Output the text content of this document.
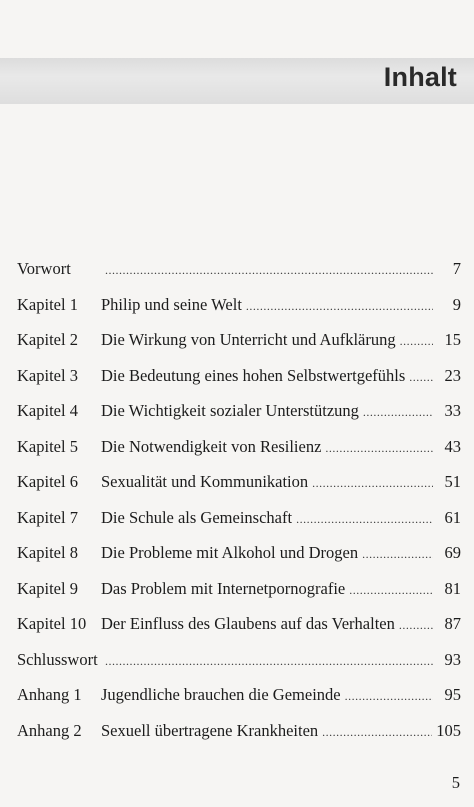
Inhalt
Vorwort .....	7
Kapitel 1	Philip und seine Welt .....	9
Kapitel 2	Die Wirkung von Unterricht und Aufklärung .....	15
Kapitel 3	Die Bedeutung eines hohen Selbstwertgefühls .....	23
Kapitel 4	Die Wichtigkeit sozialer Unterstützung .....	33
Kapitel 5	Die Notwendigkeit von Resilienz .....	43
Kapitel 6	Sexualität und Kommunikation .....	51
Kapitel 7	Die Schule als Gemeinschaft .....	61
Kapitel 8	Die Probleme mit Alkohol und Drogen .....	69
Kapitel 9	Das Problem mit Internetpornografie .....	81
Kapitel 10 Der Einfluss des Glaubens auf das Verhalten .....	87
Schlusswort .....	93
Anhang 1	Jugendliche brauchen die Gemeinde .....	95
Anhang 2	Sexuell übertragene Krankheiten .....	105
5
